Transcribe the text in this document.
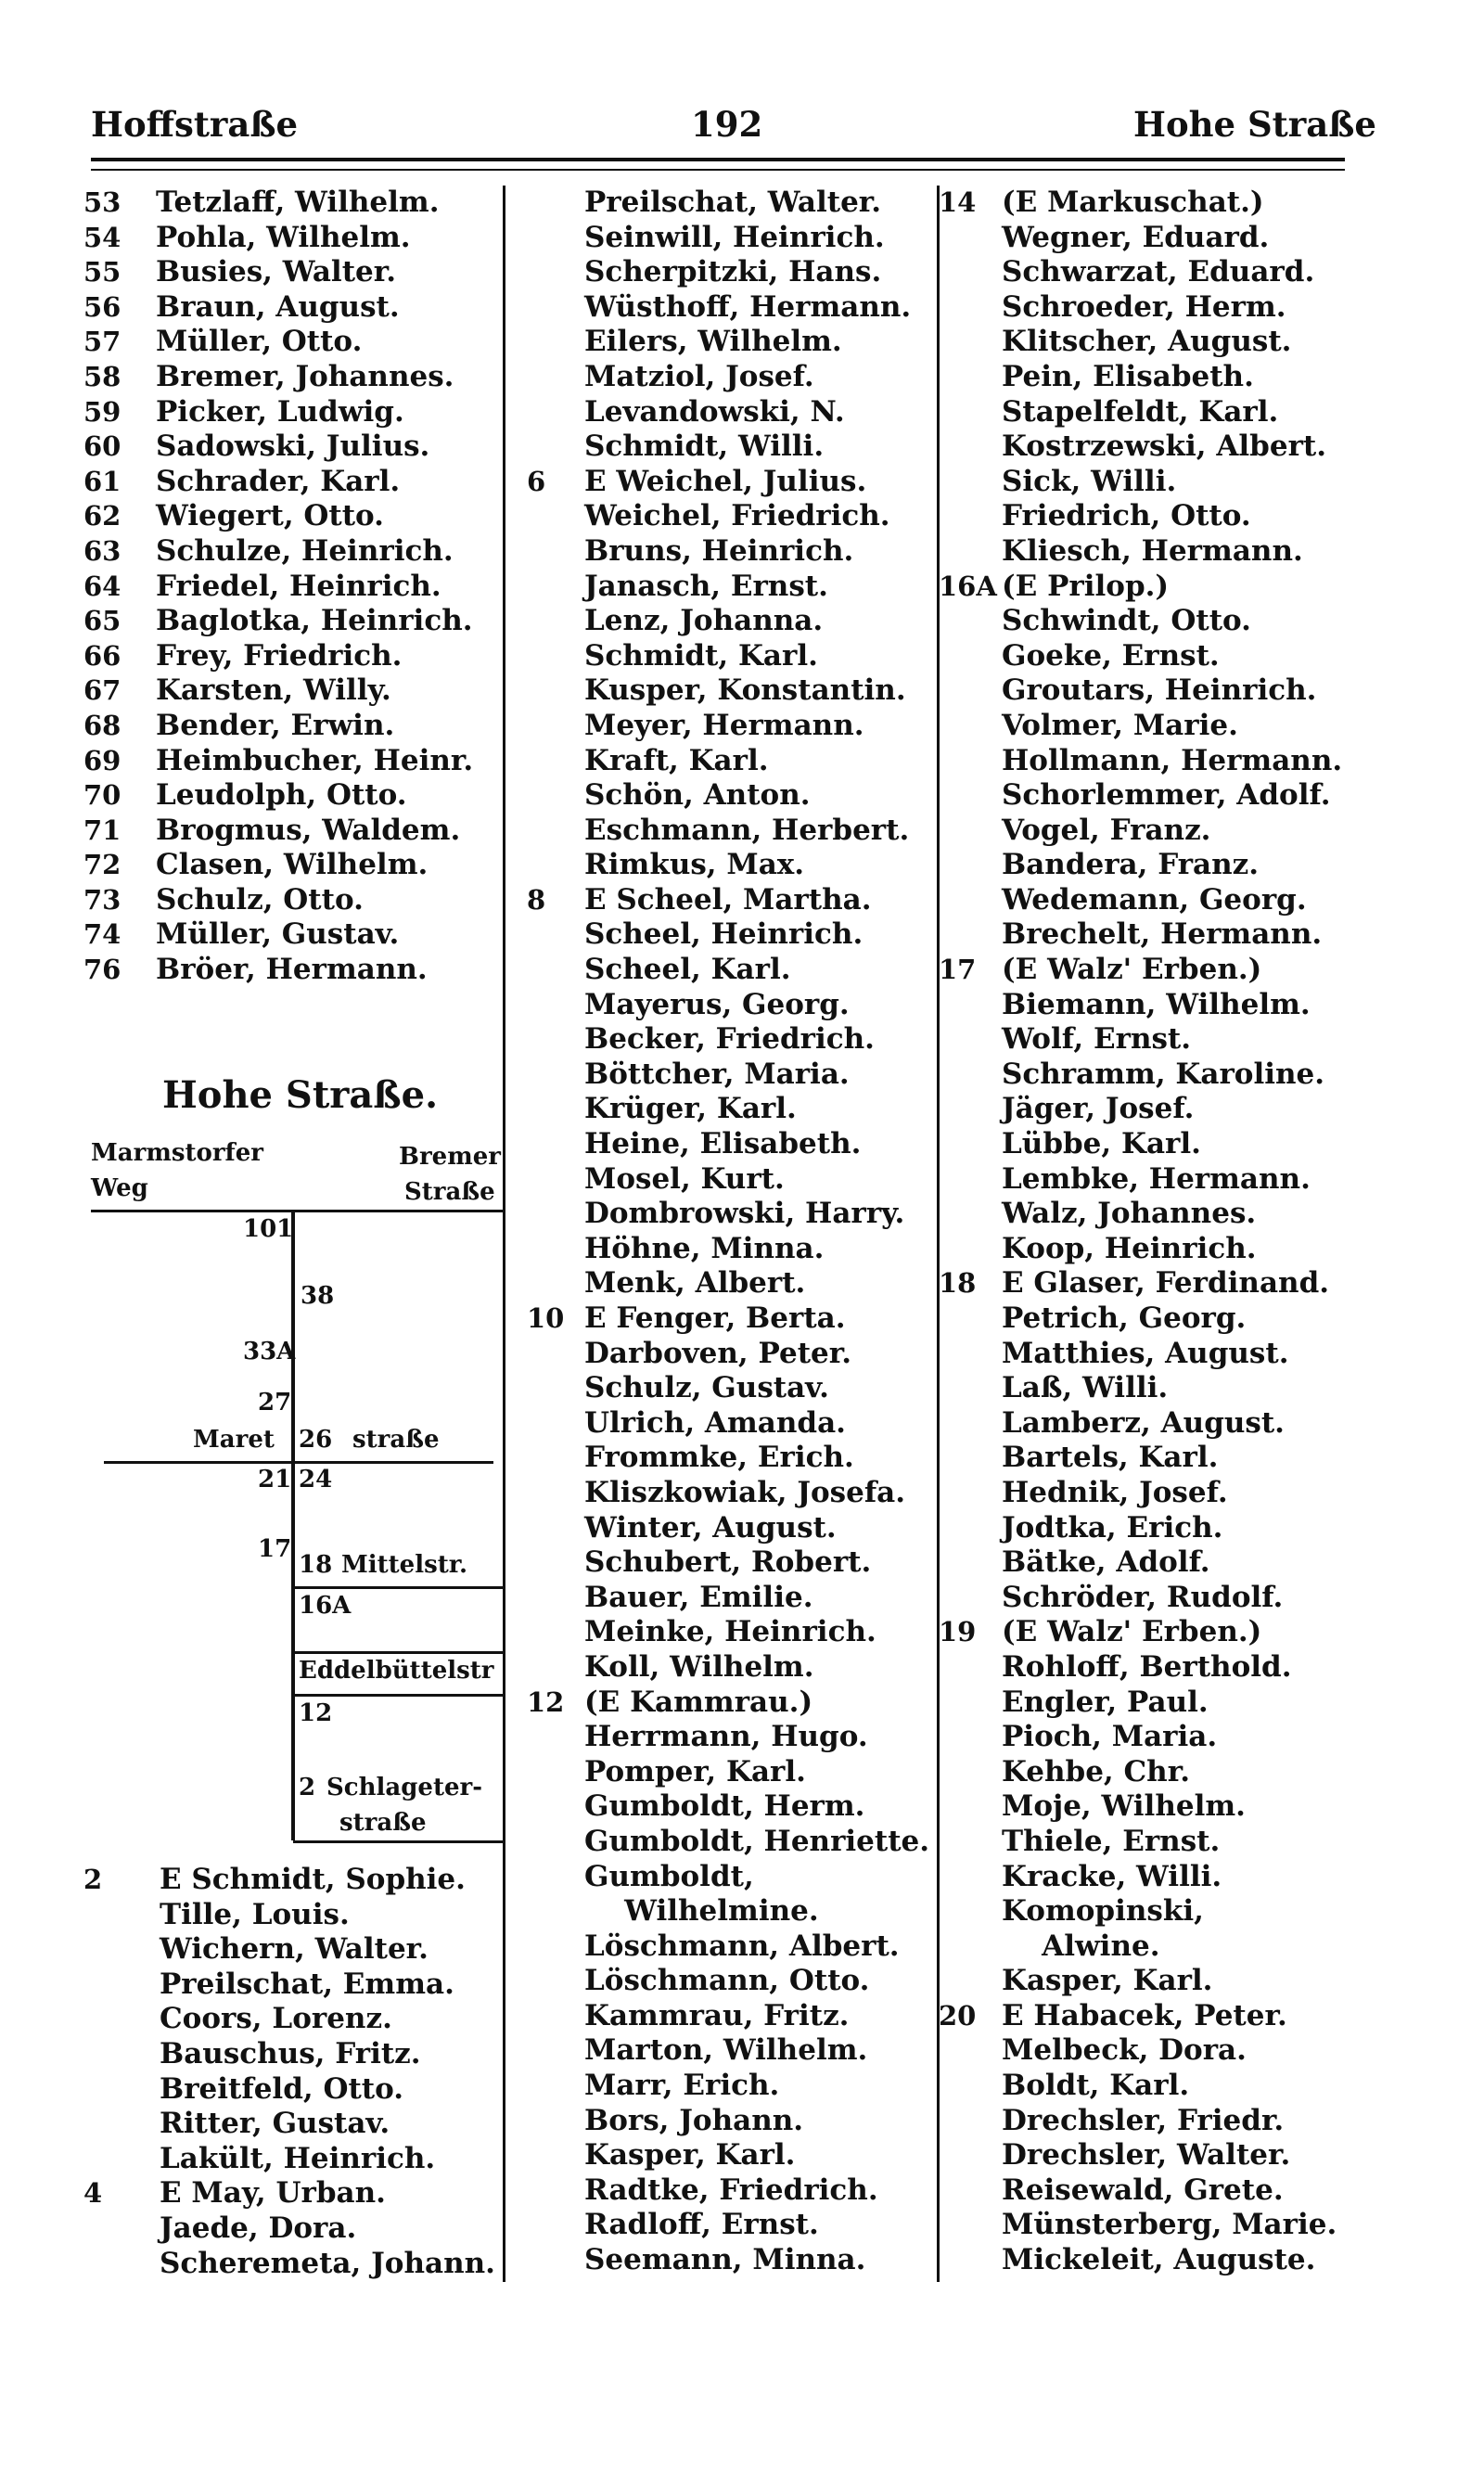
Hoffstraße	192	Hohe Straße
53	Tetzlaff, Wilhelm.
54	Pohla, Wilhelm.
55	Busies, Walter.
56	Braun, August.
57	Müller, Otto.
58	Bremer, Johannes.
59	Picker, Ludwig.
60	Sadowski, Julius.
61	Schrader, Karl.
62	Wiegert, Otto.
63	Schulze, Heinrich.
64	Friedel, Heinrich.
65	Baglotka, Heinrich.
66	Frey, Friedrich.
67	Karsten, Willy.
68	Bender, Erwin.
69	Heimbucher, Heinr.
70	Leudolph, Otto.
71	Brogmus, Waldem.
72	Clasen, Wilhelm.
73	Schulz, Otto.
74	Müller, Gustav.
76	Bröer, Hermann.
Hohe Straße.
Marmstorfer
Weg
Bremer
Straße
101
38
33A
27
Maret 26 straße
21 24
17
18 Mittelstr.
16A
Eddelbüttelstr
12
2 Schlageter-
straße
2	E Schmidt, Sophie.
Tille, Louis.
Wichern, Walter.
Preilschat, Emma.
Coors, Lorenz.
Bauschus, Fritz.
Breitfeld, Otto.
Ritter, Gustav.
Lakült, Heinrich.
4	E May, Urban.
Jaede, Dora.
Scheremeta, Johann.
Preilschat, Walter.
Seinwill, Heinrich.
Scherpitzki, Hans.
Wüsthoff, Hermann.
Eilers, Wilhelm.
Matziol, Josef.
Levandowski, N.
Schmidt, Willi.
6	E Weichel, Julius.
Weichel, Friedrich.
Bruns, Heinrich.
Janasch, Ernst.
Lenz, Johanna.
Schmidt, Karl.
Kusper, Konstantin.
Meyer, Hermann.
Kraft, Karl.
Schön, Anton.
Eschmann, Herbert.
Rimkus, Max.
8	E Scheel, Martha.
Scheel, Heinrich.
Scheel, Karl.
Mayerus, Georg.
Becker, Friedrich.
Böttcher, Maria.
Krüger, Karl.
Heine, Elisabeth.
Mosel, Kurt.
Dombrowski, Harry.
Höhne, Minna.
Menk, Albert.
10 E Fenger, Berta.
Darboven, Peter.
Schulz, Gustav.
Ulrich, Amanda.
Frommke, Erich.
Kliszkowiak, Josefa.
Winter, August.
Schubert, Robert.
Bauer, Emilie.
Meinke, Heinrich.
Koll, Wilhelm.
12 (E Kammrau.)
Herrmann, Hugo.
Pomper, Karl.
Gumboldt, Herm.
Gumboldt, Henriette.
Gumboldt,
Wilhelmine.
Löschmann, Albert.
Löschmann, Otto.
Kammrau, Fritz.
Marton, Wilhelm.
Marr, Erich.
Bors, Johann.
Kasper, Karl.
Radtke, Friedrich.
Radloff, Ernst.
Seemann, Minna.
14 (E Markuschat.)
Wegner, Eduard.
Schwarzat, Eduard.
Schroeder, Herm.
Klitscher, August.
Pein, Elisabeth.
Stapelfeldt, Karl.
Kostrzewski, Albert.
Sick, Willi.
Friedrich, Otto.
Kliesch, Hermann.
16A (E Prilop.)
Schwindt, Otto.
Goeke, Ernst.
Groutars, Heinrich.
Volmer, Marie.
Hollmann, Hermann.
Schorlemmer, Adolf.
Vogel, Franz.
Bandera, Franz.
Wedemann, Georg.
Brechelt, Hermann.
17 (E Walz' Erben.)
Biemann, Wilhelm.
Wolf, Ernst.
Schramm, Karoline.
Jäger, Josef.
Lübbe, Karl.
Lembke, Hermann.
Walz, Johannes.
Koop, Heinrich.
18 E Glaser, Ferdinand.
Petrich, Georg.
Matthies, August.
Laß, Willi.
Lamberz, August.
Bartels, Karl.
Hednik, Josef.
Jodtka, Erich.
Bätke, Adolf.
Schröder, Rudolf.
19 (E Walz' Erben.)
Rohloff, Berthold.
Engler, Paul.
Pioch, Maria.
Kehbe, Chr.
Moje, Wilhelm.
Thiele, Ernst.
Kracke, Willi.
Komopinski,
Alwine.
Kasper, Karl.
20 E Habacek, Peter.
Melbeck, Dora.
Boldt, Karl.
Drechsler, Friedr.
Drechsler, Walter.
Reisewald, Grete.
Münsterberg, Marie.
Mickeleit, Auguste.
